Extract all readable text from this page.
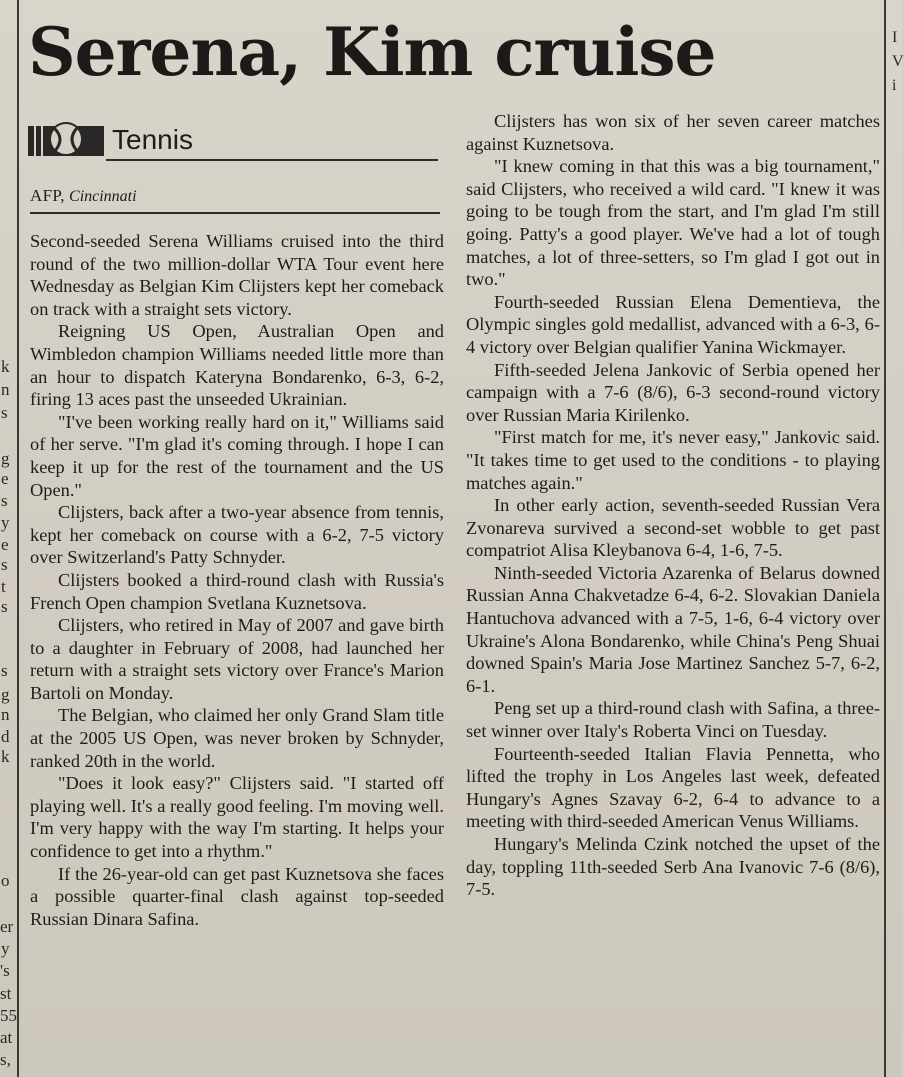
k
n
s
g
e
s
y
e
s
t
s
s
g
n
d
k
o
er
y
's
st
55
at
s,
I
V
i
Serena, Kim cruise
Tennis
AFP, Cincinnati

Second-seeded Serena Williams cruised into the third round of the two million-dollar WTA Tour event here Wednesday as Belgian Kim Clijsters kept her comeback on track with a straight sets victory.

Reigning US Open, Australian Open and Wimbledon champion Williams needed little more than an hour to dispatch Kateryna Bondarenko, 6-3, 6-2, firing 13 aces past the unseeded Ukrainian.

"I've been working really hard on it," Williams said of her serve. "I'm glad it's coming through. I hope I can keep it up for the rest of the tournament and the US Open."

Clijsters, back after a two-year absence from tennis, kept her comeback on course with a 6-2, 7-5 victory over Switzerland's Patty Schnyder.

Clijsters booked a third-round clash with Russia's French Open champion Svetlana Kuznetsova.

Clijsters, who retired in May of 2007 and gave birth to a daughter in February of 2008, had launched her return with a straight sets victory over France's Marion Bartoli on Monday.

The Belgian, who claimed her only Grand Slam title at the 2005 US Open, was never broken by Schnyder, ranked 20th in the world.

"Does it look easy?" Clijsters said. "I started off playing well. It's a really good feeling. I'm moving well. I'm very happy with the way I'm starting. It helps your confidence to get into a rhythm."

If the 26-year-old can get past Kuznetsova she faces a possible quarter-final clash against top-seeded Russian Dinara Safina.

Clijsters has won six of her seven career matches against Kuznetsova.

"I knew coming in that this was a big tournament," said Clijsters, who received a wild card. "I knew it was going to be tough from the start, and I'm glad I'm still going. Patty's a good player. We've had a lot of tough matches, a lot of three-setters, so I'm glad I got out in two."

Fourth-seeded Russian Elena Dementieva, the Olympic singles gold medallist, advanced with a 6-3, 6-4 victory over Belgian qualifier Yanina Wickmayer.

Fifth-seeded Jelena Jankovic of Serbia opened her campaign with a 7-6 (8/6), 6-3 second-round victory over Russian Maria Kirilenko.

"First match for me, it's never easy," Jankovic said. "It takes time to get used to the conditions - to playing matches again."

In other early action, seventh-seeded Russian Vera Zvonareva survived a second-set wobble to get past compatriot Alisa Kleybanova 6-4, 1-6, 7-5.

Ninth-seeded Victoria Azarenka of Belarus downed Russian Anna Chakvetadze 6-4, 6-2. Slovakian Daniela Hantuchova advanced with a 7-5, 1-6, 6-4 victory over Ukraine's Alona Bondarenko, while China's Peng Shuai downed Spain's Maria Jose Martinez Sanchez 5-7, 6-2, 6-1.

Peng set up a third-round clash with Safina, a three-set winner over Italy's Roberta Vinci on Tuesday.

Fourteenth-seeded Italian Flavia Pennetta, who lifted the trophy in Los Angeles last week, defeated Hungary's Agnes Szavay 6-2, 6-4 to advance to a meeting with third-seeded American Venus Williams.

Hungary's Melinda Czink notched the upset of the day, toppling 11th-seeded Serb Ana Ivanovic 7-6 (8/6), 7-5.
